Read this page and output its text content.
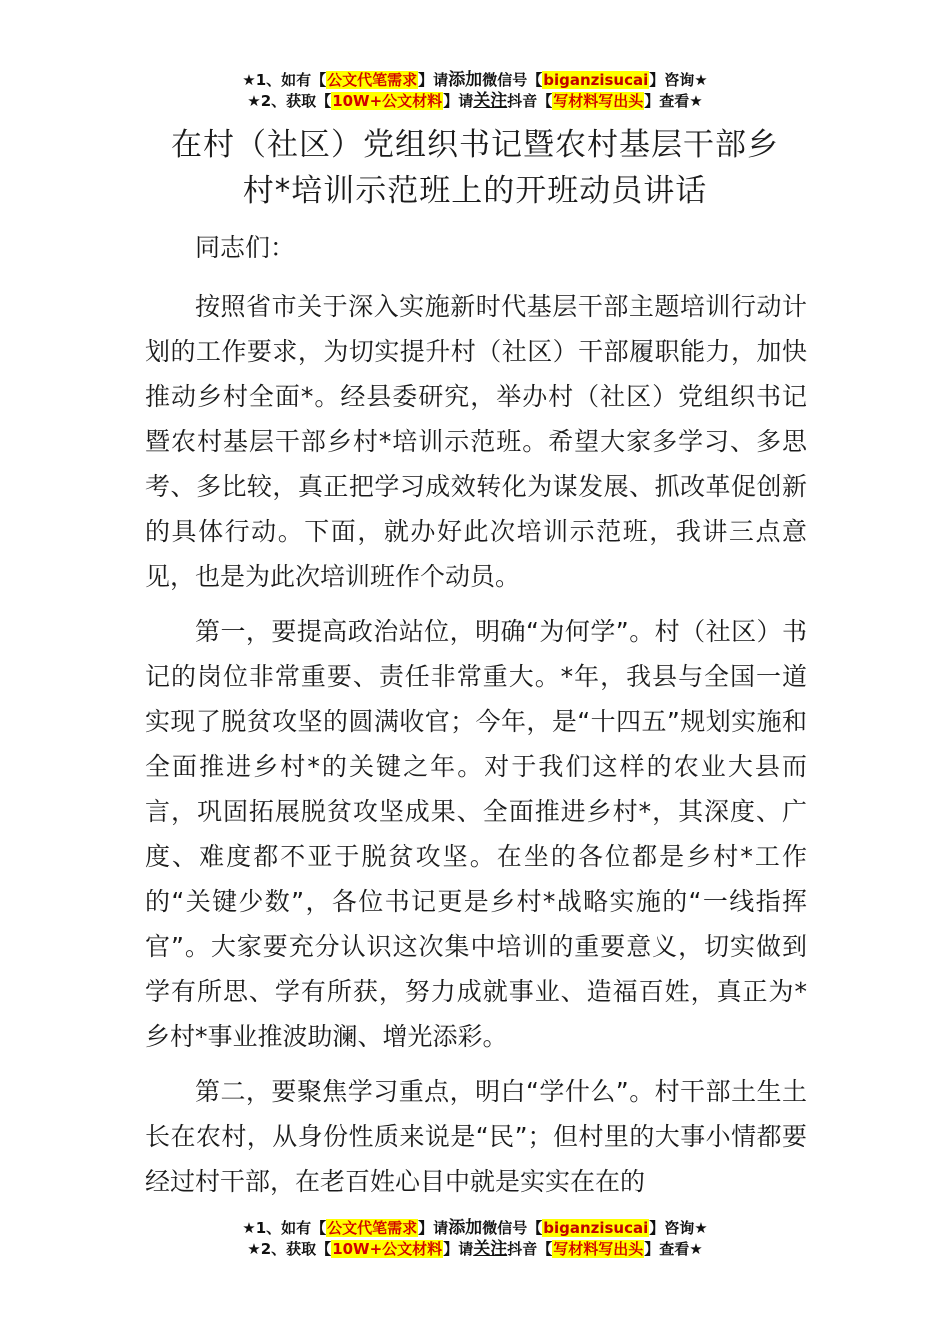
★1、如有【公文代笔需求】请添加微信号【biganzisucai】咨询★
★2、获取【10W+公文材料】请关注抖音【写材料写出头】查看★
在村（社区）党组织书记暨农村基层干部乡
村*培训示范班上的开班动员讲话

同志们：

按照省市关于深入实施新时代基层干部主题培训行动计划的工作要求，为切实提升村（社区）干部履职能力，加快推动乡村全面*。经县委研究，举办村（社区）党组织书记暨农村基层干部乡村*培训示范班。希望大家多学习、多思考、多比较，真正把学习成效转化为谋发展、抓改革促创新的具体行动。下面，就办好此次培训示范班，我讲三点意见，也是为此次培训班作个动员。

第一，要提高政治站位，明确“为何学”。村（社区）书记的岗位非常重要、责任非常重大。*年，我县与全国一道实现了脱贫攻坚的圆满收官；今年，是“十四五”规划实施和全面推进乡村*的关键之年。对于我们这样的农业大县而言，巩固拓展脱贫攻坚成果、全面推进乡村*，其深度、广度、难度都不亚于脱贫攻坚。在坐的各位都是乡村*工作的“关键少数”，各位书记更是乡村*战略实施的“一线指挥官”。大家要充分认识这次集中培训的重要意义，切实做到学有所思、学有所获，努力成就事业、造福百姓，真正为*乡村*事业推波助澜、增光添彩。

第二，要聚焦学习重点，明白“学什么”。村干部土生土长在农村，从身份性质来说是“民”；但村里的大事小情都要经过村干部，在老百姓心目中就是实实在在的

★1、如有【公文代笔需求】请添加微信号【biganzisucai】咨询★
★2、获取【10W+公文材料】请关注抖音【写材料写出头】查看★
